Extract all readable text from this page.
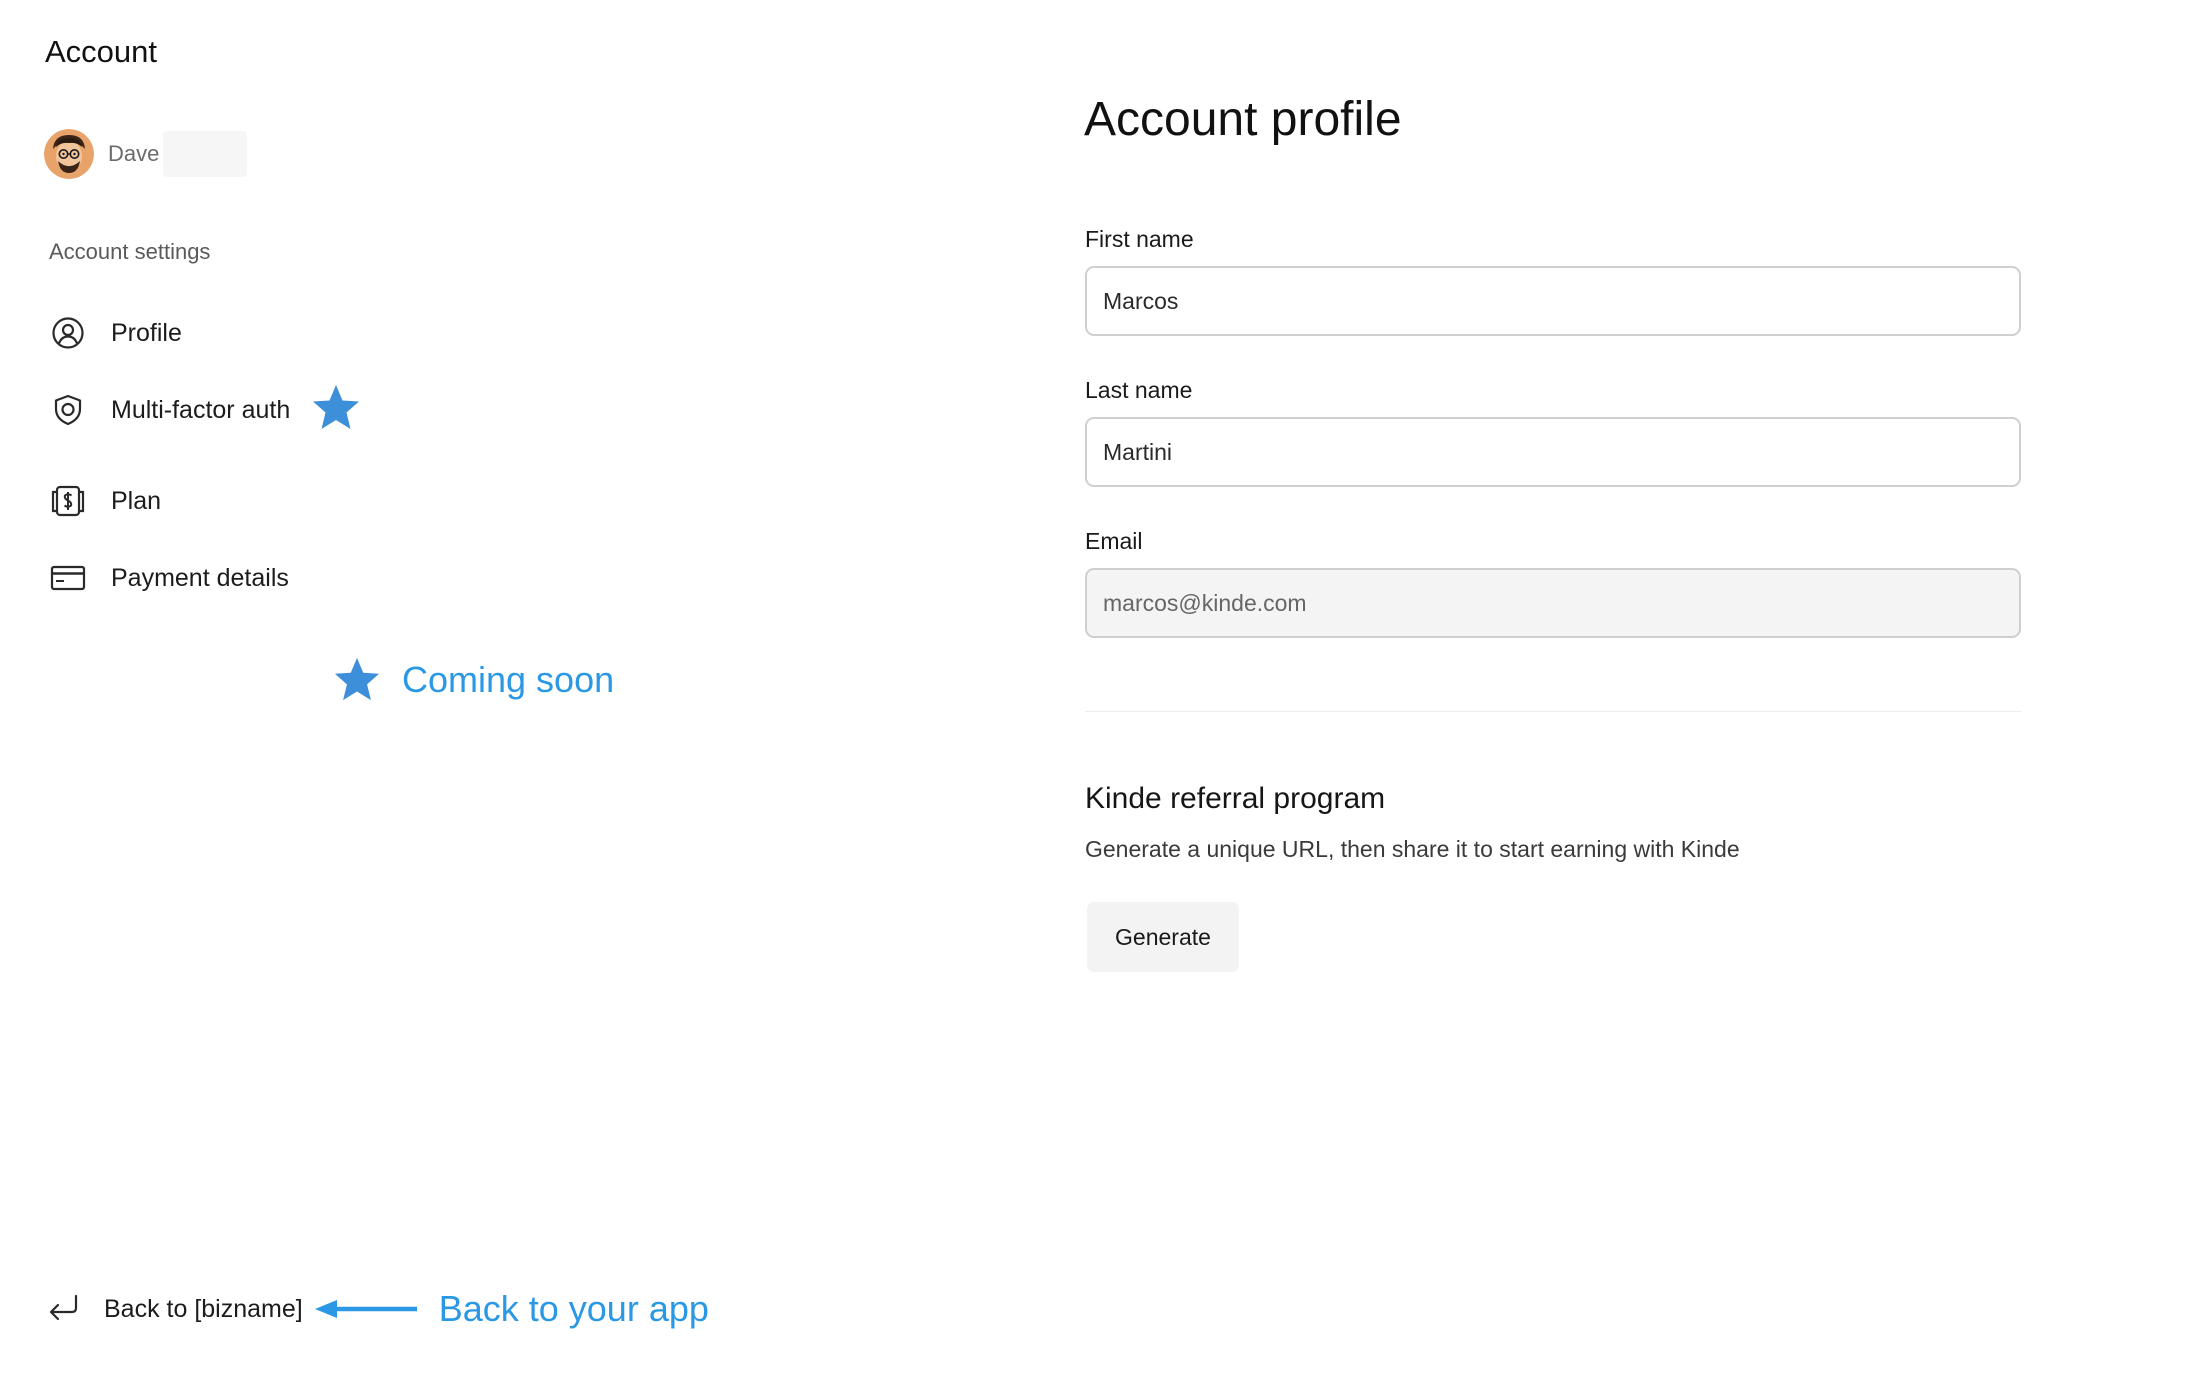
Account
Dave
Account settings
Profile
Multi-factor auth
Plan
Payment details
Coming soon
Back to [bizname]	Back to your app
Account profile
First name
Marcos
Last name
Martini
Email
marcos@kinde.com
Kinde referral program
Generate a unique URL, then share it to start earning with Kinde
Generate
